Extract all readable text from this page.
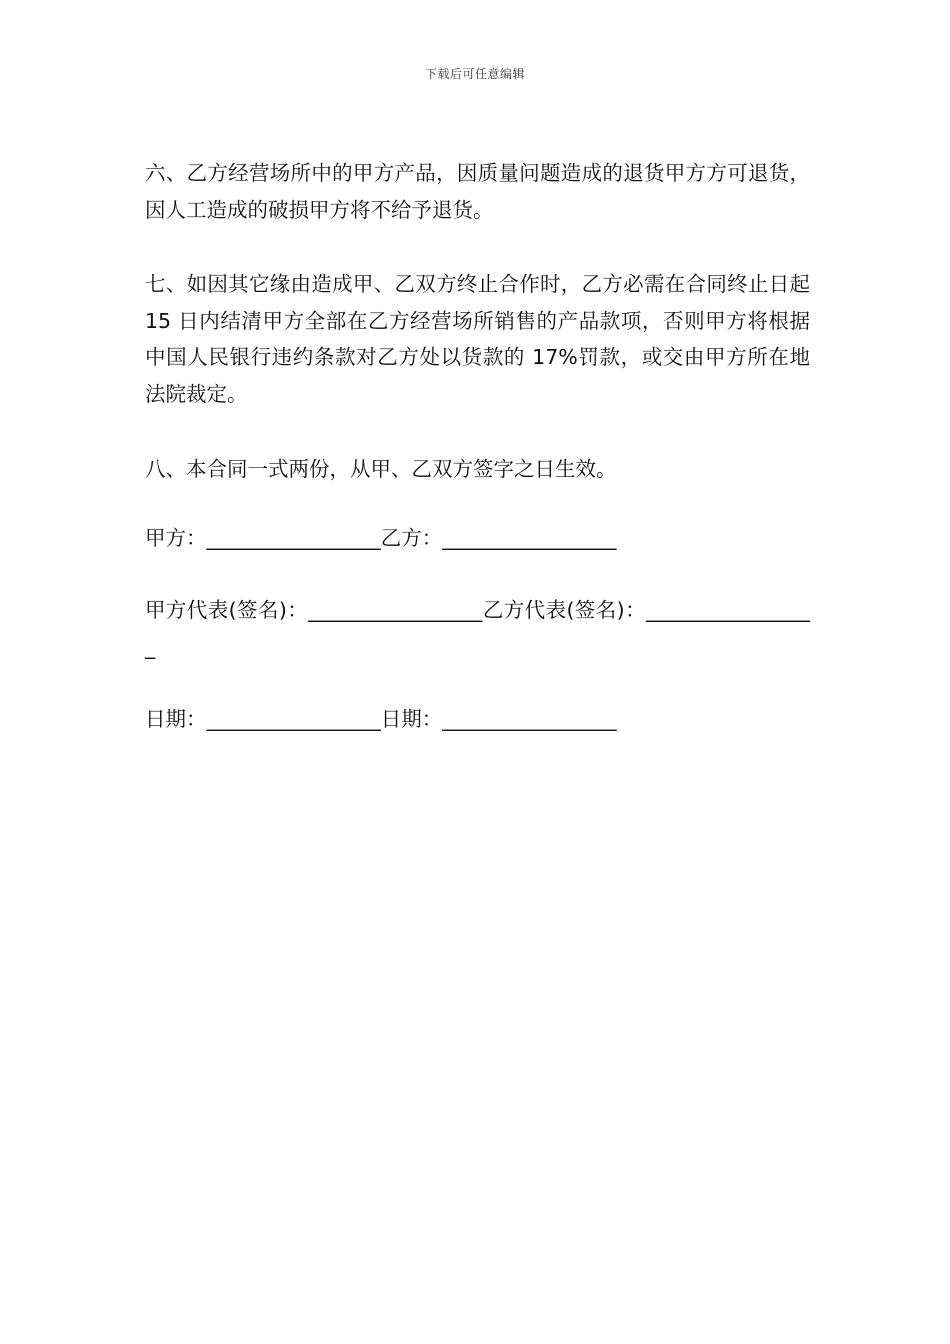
下载后可任意编辑

六、乙方经营场所中的甲方产品，因质量问题造成的退货甲方方可退货，因人工造成的破损甲方将不给予退货。

七、如因其它缘由造成甲、乙双方终止合作时，乙方必需在合同终止日起 15 日内结清甲方全部在乙方经营场所销售的产品款项，否则甲方将根据中国人民银行违约条款对乙方处以货款的 17%罚款，或交由甲方所在地法院裁定。

八、本合同一式两份，从甲、乙双方签字之日生效。

甲方：_________________乙方：_________________
甲方代表(签名)：_________________乙方代表(签名)：_________________
日期：_________________日期：_________________
